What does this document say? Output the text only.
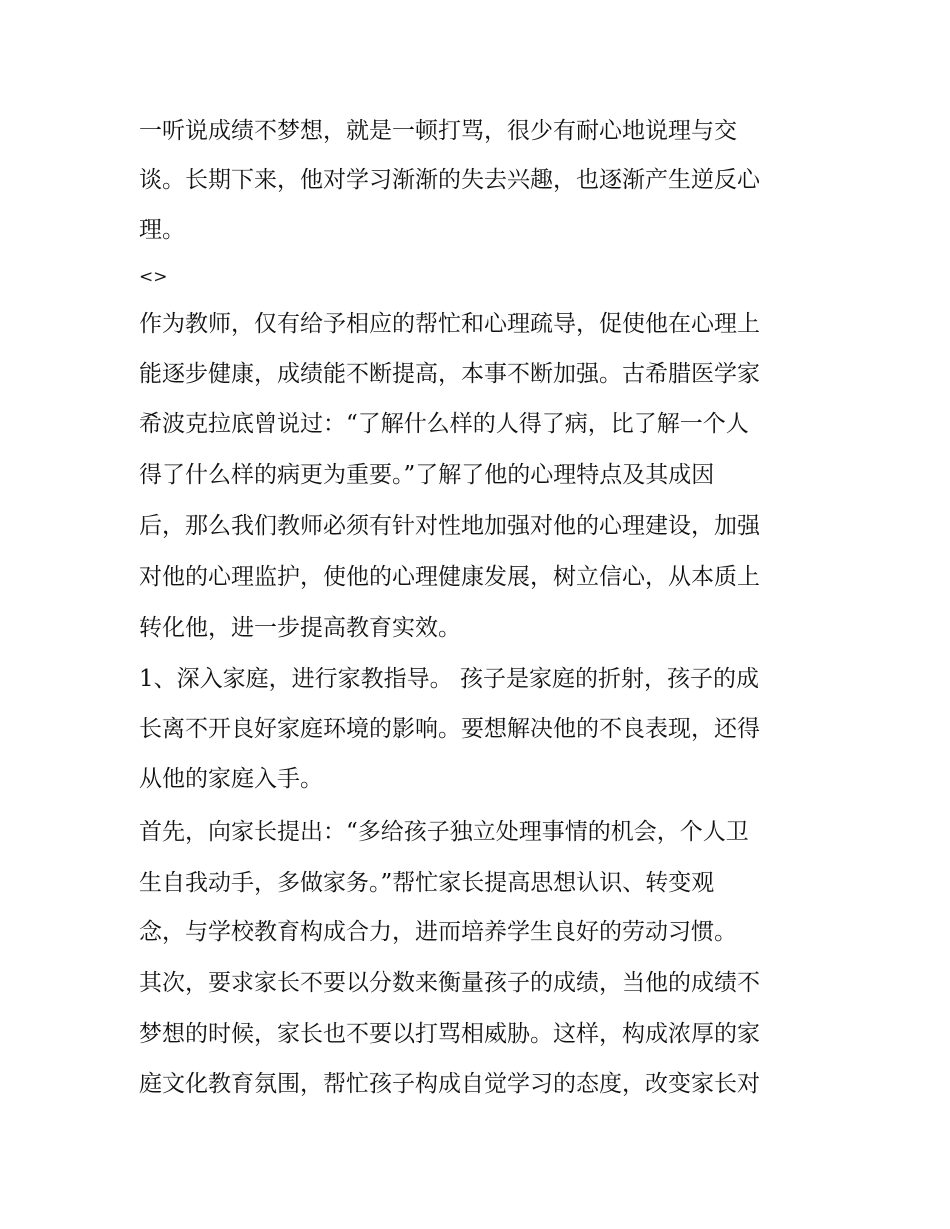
一听说成绩不梦想，就是一顿打骂，很少有耐心地说理与交
谈。长期下来，他对学习渐渐的失去兴趣，也逐渐产生逆反心
理。
<>
作为教师，仅有给予相应的帮忙和心理疏导，促使他在心理上
能逐步健康，成绩能不断提高，本事不断加强。古希腊医学家
希波克拉底曾说过：“了解什么样的人得了病，比了解一个人
得了什么样的病更为重要。”了解了他的心理特点及其成因
后，那么我们教师必须有针对性地加强对他的心理建设，加强
对他的心理监护，使他的心理健康发展，树立信心，从本质上
转化他，进一步提高教育实效。
1、深入家庭，进行家教指导。 孩子是家庭的折射，孩子的成
长离不开良好家庭环境的影响。要想解决他的不良表现，还得
从他的家庭入手。
首先，向家长提出：“多给孩子独立处理事情的机会，个人卫
生自我动手，多做家务。”帮忙家长提高思想认识、转变观
念，与学校教育构成合力，进而培养学生良好的劳动习惯。
其次，要求家长不要以分数来衡量孩子的成绩，当他的成绩不
梦想的时候，家长也不要以打骂相威胁。这样，构成浓厚的家
庭文化教育氛围，帮忙孩子构成自觉学习的态度，改变家长对
